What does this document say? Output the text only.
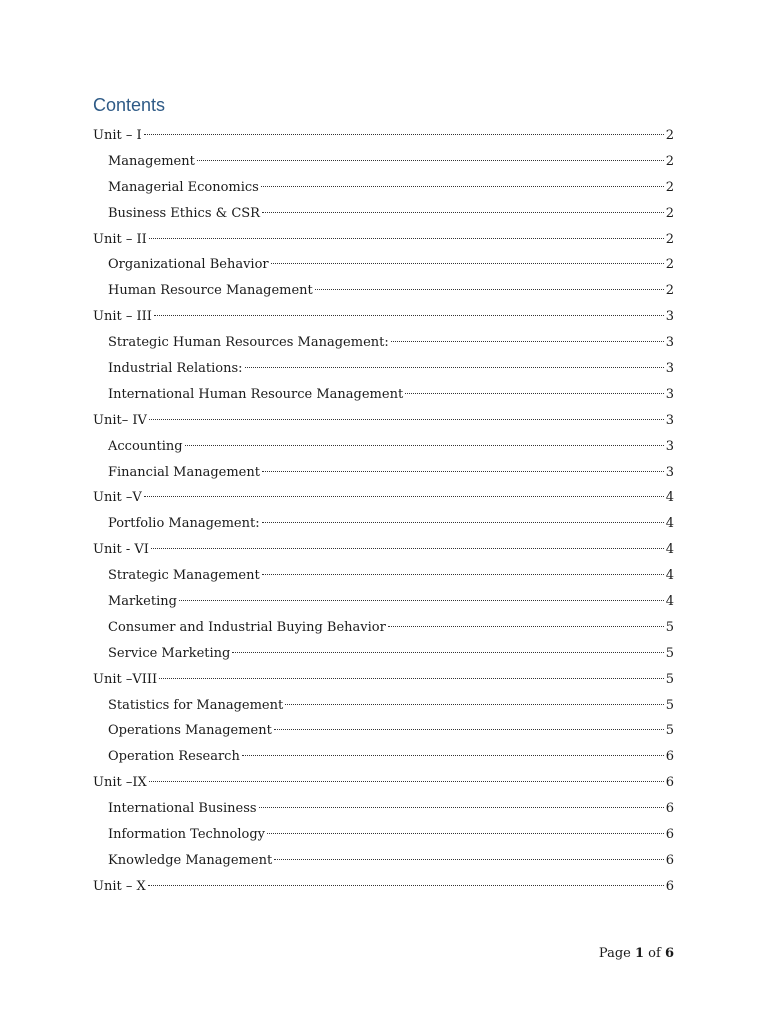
Contents
Unit – I	2
Management	2
Managerial Economics	2
Business Ethics & CSR	2
Unit – II	2
Organizational Behavior	2
Human Resource Management	2
Unit – III	3
Strategic Human Resources Management:	3
Industrial Relations:	3
International Human Resource Management	3
Unit– IV	3
Accounting	3
Financial Management	3
Unit –V	4
Portfolio Management:	4
Unit - VI	4
Strategic Management	4
Marketing	4
Consumer and Industrial Buying Behavior	5
Service Marketing	5
Unit –VIII	5
Statistics for Management	5
Operations Management	5
Operation Research	6
Unit –IX	6
International Business	6
Information Technology	6
Knowledge Management	6
Unit – X	6
Page 1 of 6
